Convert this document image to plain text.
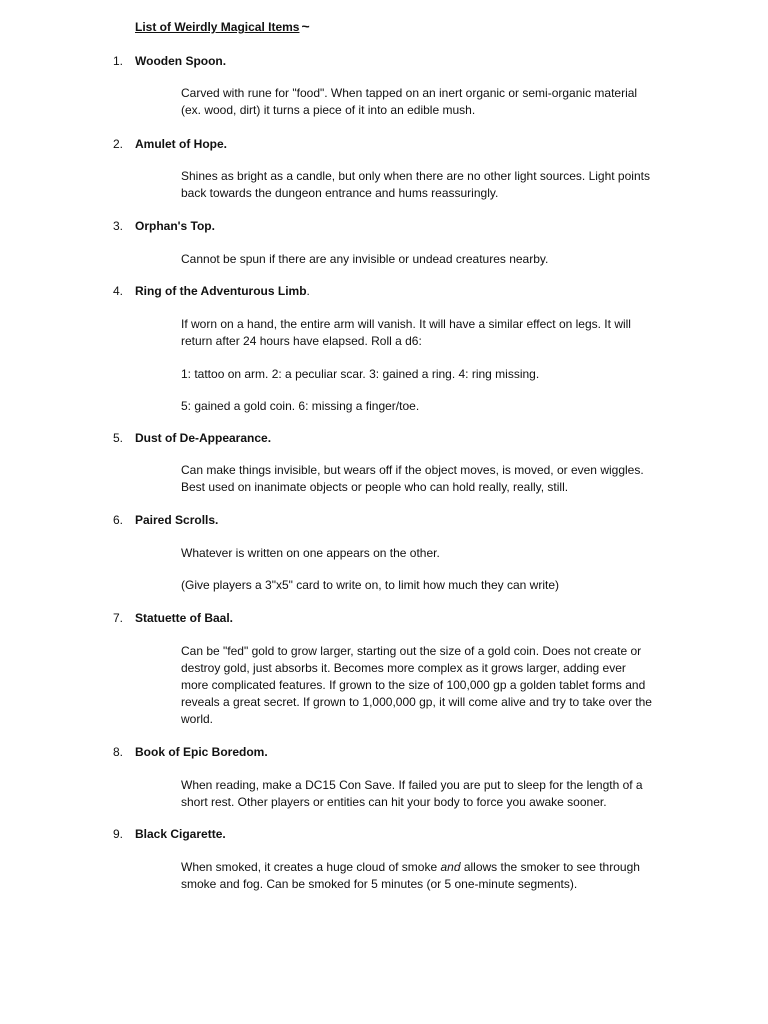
List of Weirdly Magical Items ~
1. Wooden Spoon.

Carved with rune for "food". When tapped on an inert organic or semi-organic material

(ex. wood, dirt) it turns a piece of it into an edible mush.

2. Amulet of Hope.

Shines as bright as a candle, but only when there are no other light sources. Light points

back towards the dungeon entrance and hums reassuringly.

3. Orphan's Top.

Cannot be spun if there are any invisible or undead creatures nearby.

4. Ring of the Adventurous Limb.

If worn on a hand, the entire arm will vanish. It will have a similar effect on legs. It will

return after 24 hours have elapsed. Roll a d6:

1: tattoo on arm. 2: a peculiar scar. 3: gained a ring. 4: ring missing.

5: gained a gold coin. 6: missing a finger/toe.

5. Dust of De-Appearance.

Can make things invisible, but wears off if the object moves, is moved, or even wiggles.

Best used on inanimate objects or people who can hold really, really, still.

6. Paired Scrolls.

Whatever is written on one appears on the other.

(Give players a 3"x5" card to write on, to limit how much they can write)

7. Statuette of Baal.

Can be "fed" gold to grow larger, starting out the size of a gold coin. Does not create or

destroy gold, just absorbs it. Becomes more complex as it grows larger, adding ever

more complicated features. If grown to the size of 100,000 gp a golden tablet forms and

reveals a great secret. If grown to 1,000,000 gp, it will come alive and try to take over the

world.

8. Book of Epic Boredom.

When reading, make a DC15 Con Save. If failed you are put to sleep for the length of a

short rest. Other players or entities can hit your body to force you awake sooner.

9. Black Cigarette.

When smoked, it creates a huge cloud of smoke and allows the smoker to see through

smoke and fog. Can be smoked for 5 minutes (or 5 one-minute segments).
